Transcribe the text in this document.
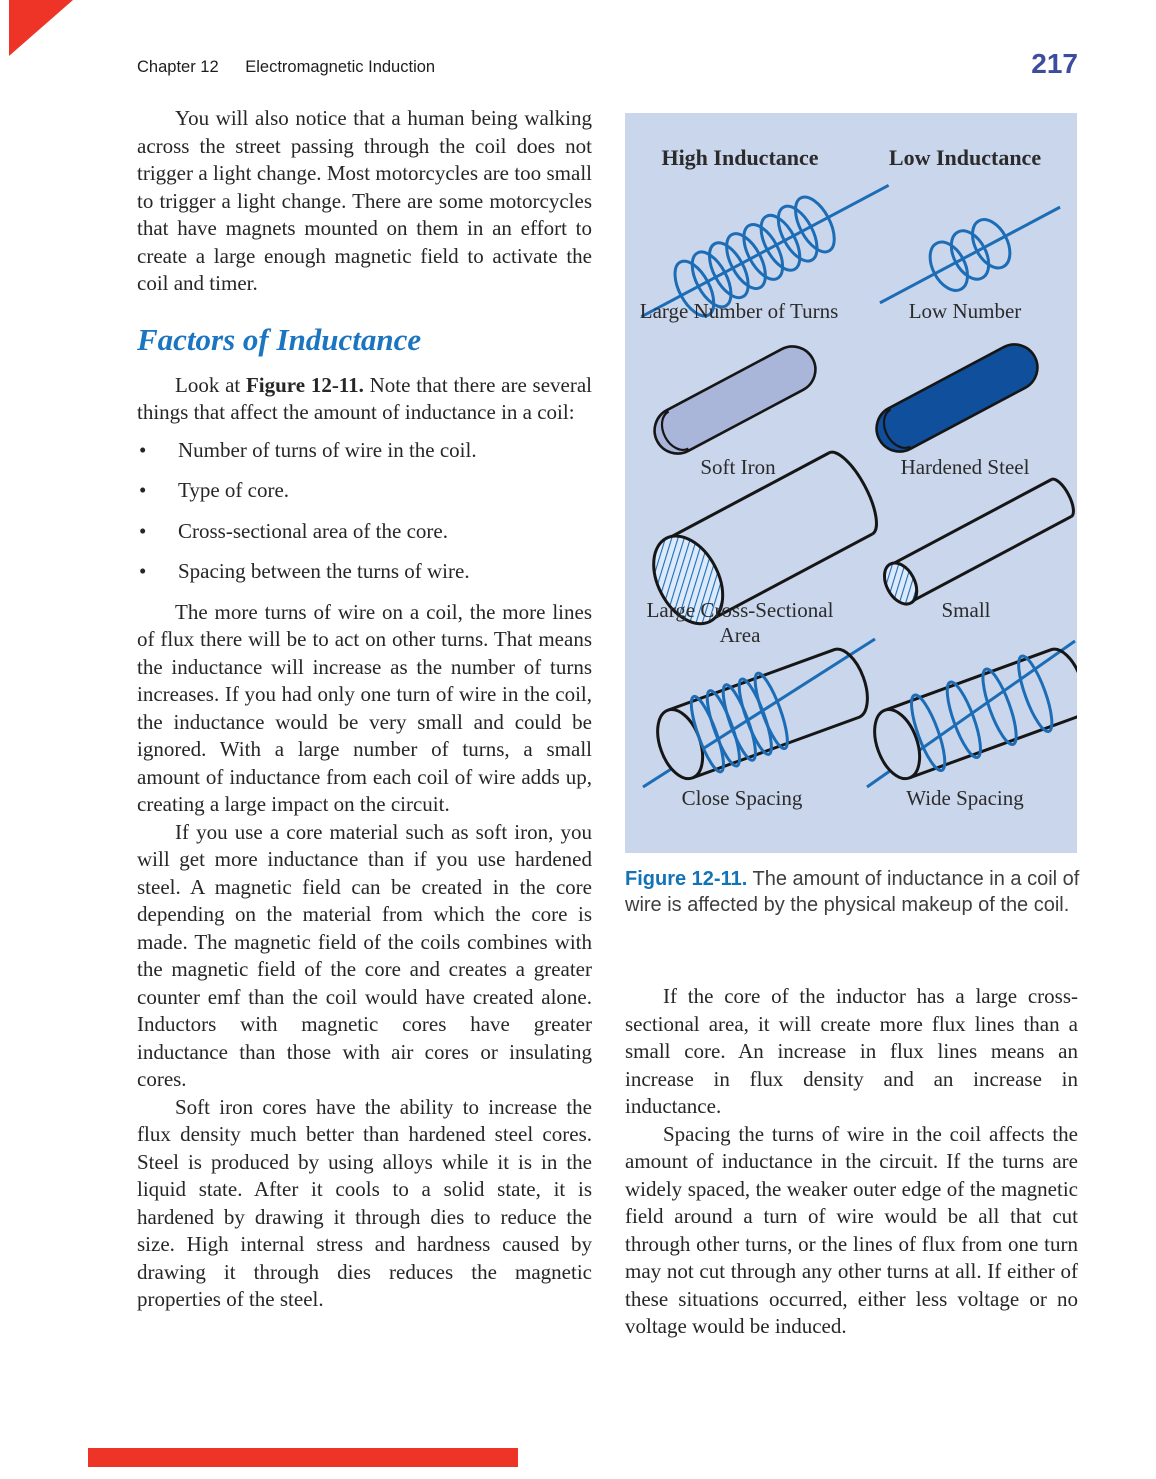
Chapter 12 Electromagnetic Induction	217

You will also notice that a human being walking across the street passing through the coil does not trigger a light change. Most motorcycles are too small to trigger a light change. There are some motorcycles that have magnets mounted on them in an effort to create a large enough magnetic field to activate the coil and timer.

Factors of Inductance

Look at Figure 12-11. Note that there are several things that affect the amount of inductance in a coil:

• Number of turns of wire in the coil.
• Type of core.
• Cross-sectional area of the core.
• Spacing between the turns of wire.

The more turns of wire on a coil, the more lines of flux there will be to act on other turns. That means the inductance will increase as the number of turns increases. If you had only one turn of wire in the coil, the inductance would be very small and could be ignored. With a large number of turns, a small amount of inductance from each coil of wire adds up, creating a large impact on the circuit.

If you use a core material such as soft iron, you will get more inductance than if you use hardened steel. A magnetic field can be created in the core depending on the material from which the core is made. The magnetic field of the coils combines with the magnetic field of the core and creates a greater counter emf than the coil would have created alone. Inductors with magnetic cores have greater inductance than those with air cores or insulating cores.

Soft iron cores have the ability to increase the flux density much better than hardened steel cores. Steel is produced by using alloys while it is in the liquid state. After it cools to a solid state, it is hardened by drawing it through dies to reduce the size. High internal stress and hardness caused by drawing it through dies reduces the magnetic properties of the steel.

High Inductance	Low Inductance
Large Number of Turns	Low Number
Soft Iron	Hardened Steel
Large Cross-Sectional
Area
Small
Close Spacing	Wide Spacing
Figure 12-11. The amount of inductance in a coil of wire is affected by the physical makeup of the coil.

If the core of the inductor has a large cross-sectional area, it will create more flux lines than a small core. An increase in flux lines means an increase in flux density and an increase in inductance.

Spacing the turns of wire in the coil affects the amount of inductance in the circuit. If the turns are widely spaced, the weaker outer edge of the magnetic field around a turn of wire would be all that cut through other turns, or the lines of flux from one turn may not cut through any other turns at all. If either of these situations occurred, either less voltage or no voltage would be induced.
